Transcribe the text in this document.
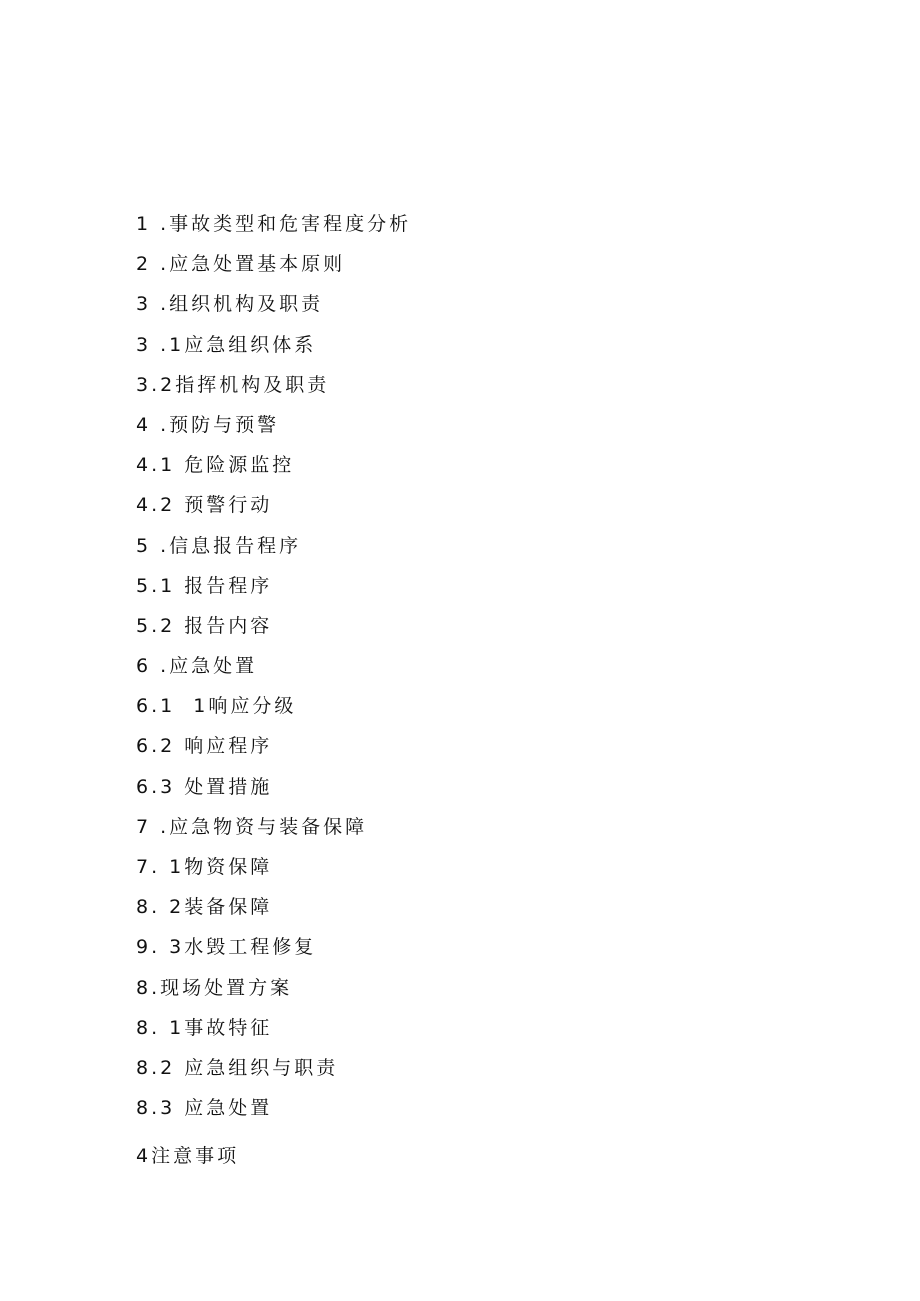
1 .事故类型和危害程度分析
2 .应急处置基本原则
3 .组织机构及职责
3 .1应急组织体系
3.2指挥机构及职责
4 .预防与预警
4.1 危险源监控
4.2 预警行动
5 .信息报告程序
5.1 报告程序
5.2 报告内容
6 .应急处置
6.1  1响应分级
6.2 响应程序
6.3 处置措施
7 .应急物资与装备保障
7. 1物资保障
8. 2装备保障
9. 3水毁工程修复
8.现场处置方案
8. 1事故特征
8.2 应急组织与职责
8.3 应急处置
4注意事项
